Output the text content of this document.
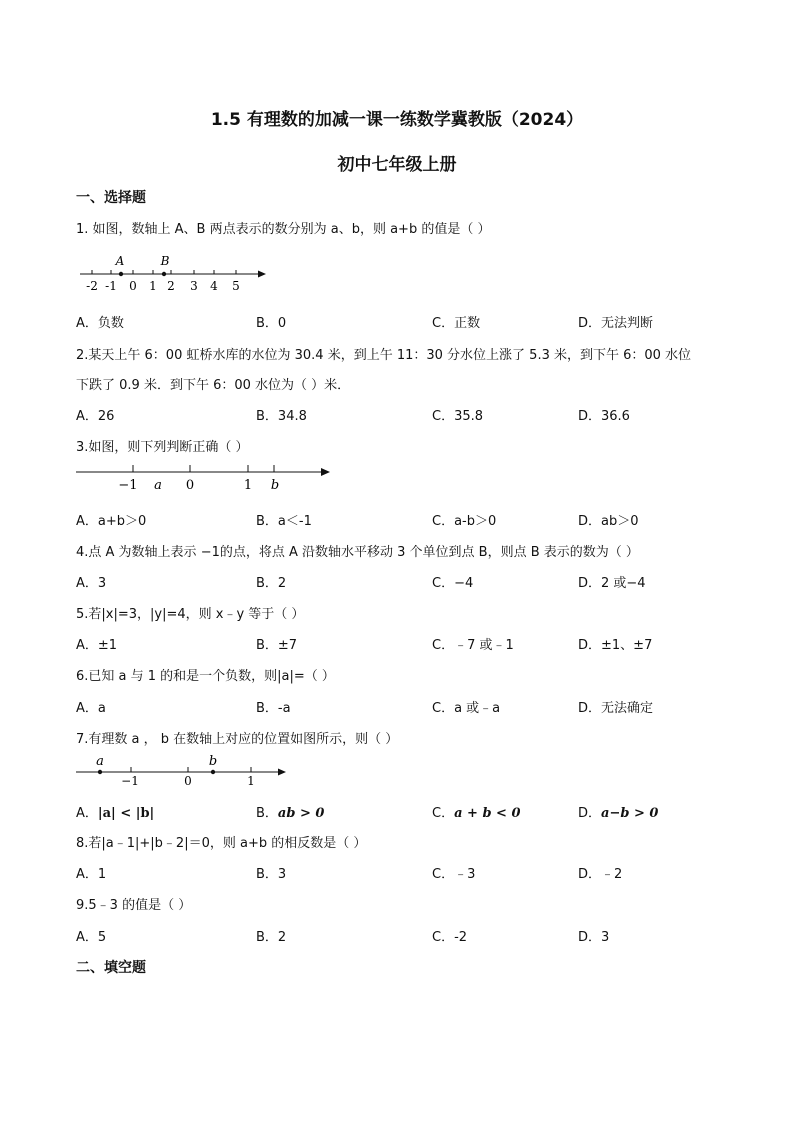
1.5 有理数的加减一课一练数学冀教版（2024）
初中七年级上册
一、选择题
1. 如图，数轴上 A、B 两点表示的数分别为 a、b，则 a+b 的值是（ ）
A	B
-2 -1 0 1 2 3 4 5
A．负数	B．0	C．正数	D．无法判断
2.某天上午 6：00 虹桥水库的水位为 30.4 米，到上午 11：30 分水位上涨了 5.3 米，到下午 6：00 水位
下跌了 0.9 米．到下午 6：00 水位为（ ）米．
A．26	B．34.8	C．35.8	D．36.6
3.如图，则下列判断正确（ ）
−1 a 0	1 b
A．a+b＞0	B．a＜-1	C．a-b＞0	D．ab＞0
4.点 A 为数轴上表示 −1的点，将点 A 沿数轴水平移动 3 个单位到点 B，则点 B 表示的数为（ ）
A．3	B．2	C．−4	D．2 或−4
5.若|x|=3，|y|=4，则 x﹣y 等于（ ）
A．±1	B．±7	C．﹣7 或﹣1	D．±1、±7
6.已知 a 与 1 的和是一个负数，则|a|=（ ）
A．a	B．-a	C．a 或﹣a	D．无法确定
7.有理数 a ， b 在数轴上对应的位置如图所示，则（ ）
a
−1	0
b
1
A．|a| < |b|	B．ab > 0	C．a + b < 0	D．a−b > 0
8.若|a﹣1|+|b﹣2|＝0，则 a+b 的相反数是（ ）
A．1	B．3	C．﹣3	D．﹣2
9.5﹣3 的值是（ ）
A．5	B．2	C．-2	D．3
二、填空题
